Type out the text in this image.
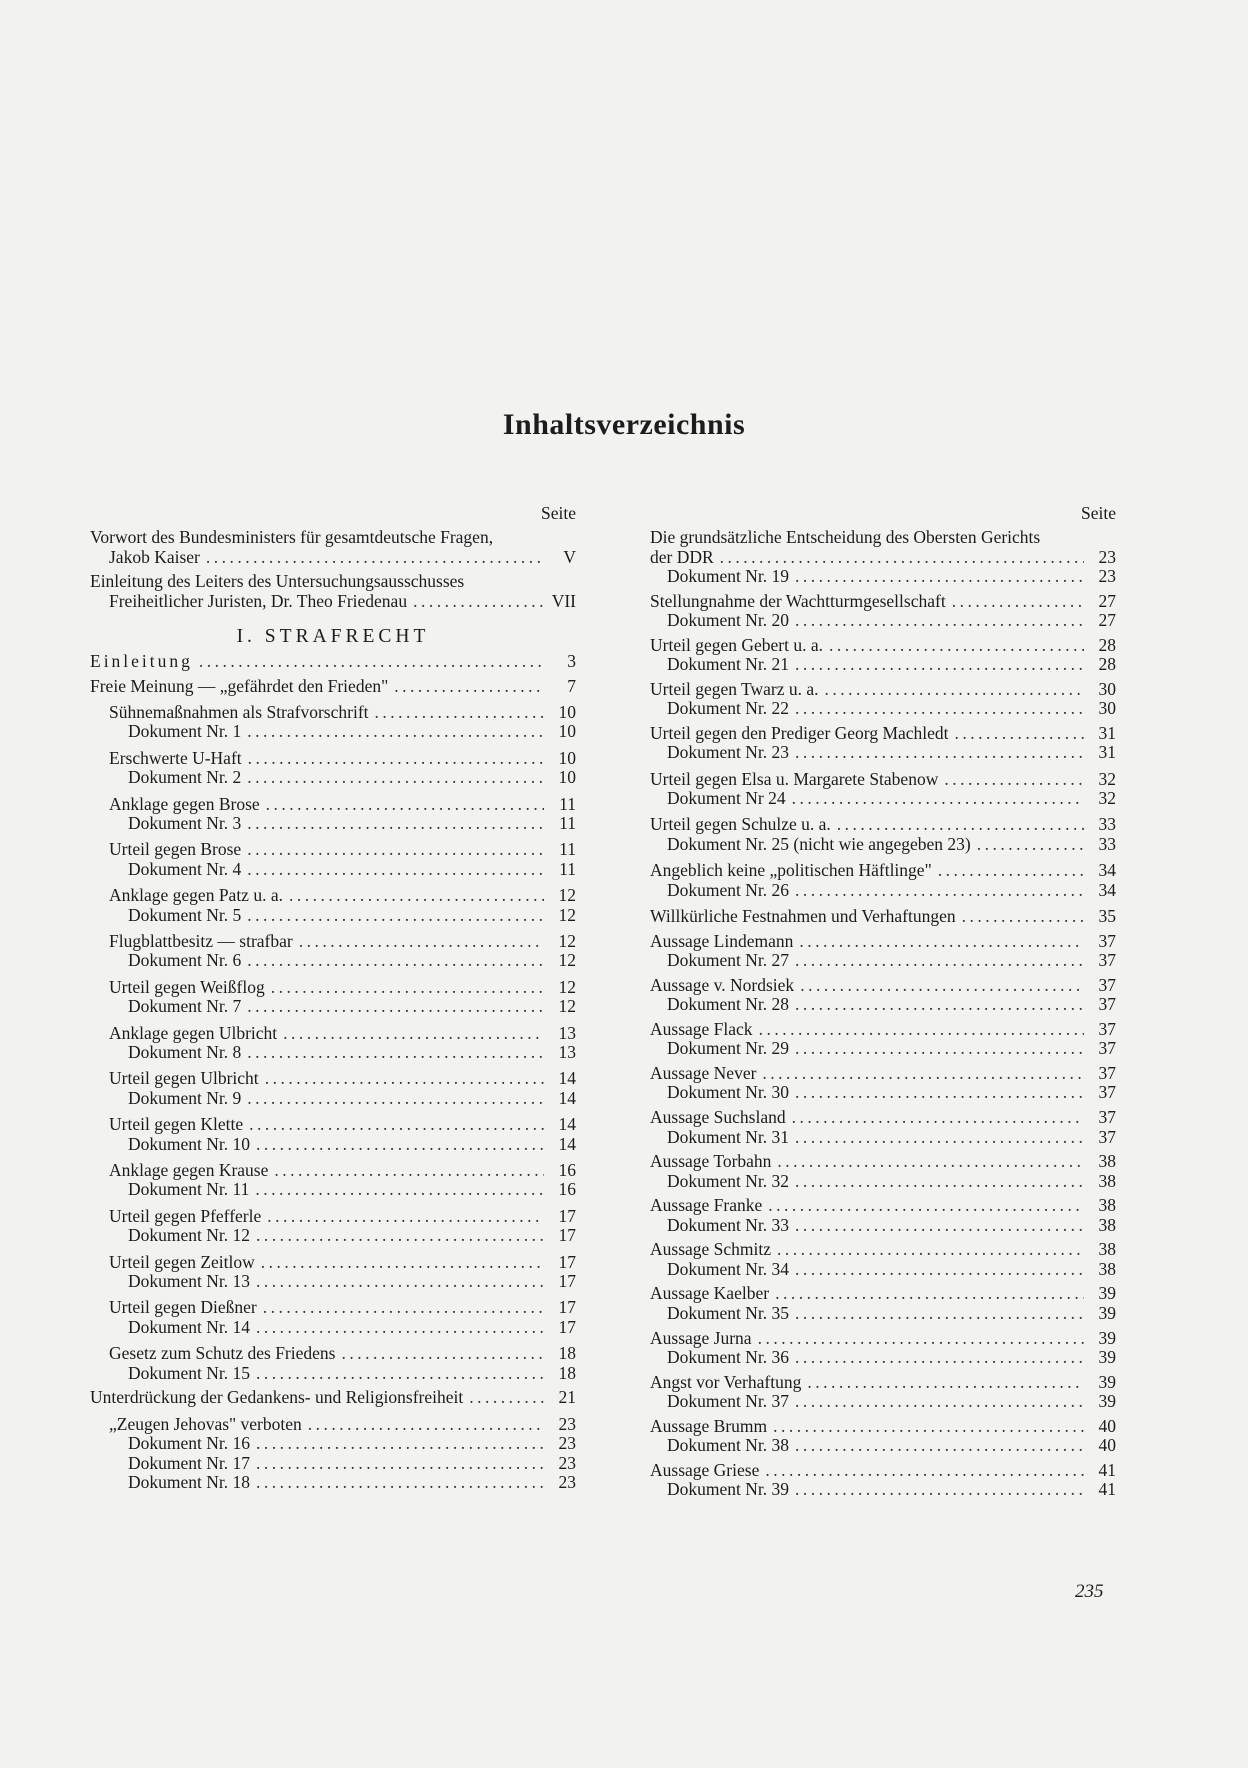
Inhaltsverzeichnis
Seite
Vorwort des Bundesministers für gesamtdeutsche Fragen,
Jakob Kaiser .....	V
Einleitung des Leiters des Untersuchungsausschusses
Freiheitlicher Juristen, Dr. Theo Friedenau .....	VII
I. STRAFRECHT
Einleitung .....	3
Freie Meinung — „gefährdet den Frieden" .....	7
Sühnemaßnahmen als Strafvorschrift .....	10
Dokument Nr. 1 .....	10
Erschwerte U-Haft .....	10
Dokument Nr. 2 .....	10
Anklage gegen Brose .....	11
Dokument Nr. 3 .....	11
Urteil gegen Brose .....	11
Dokument Nr. 4 .....	11
Anklage gegen Patz u. a. .....	12
Dokument Nr. 5 .....	12
Flugblattbesitz — strafbar .....	12
Dokument Nr. 6 .....	12
Urteil gegen Weißflog .....	12
Dokument Nr. 7 .....	12
Anklage gegen Ulbricht .....	13
Dokument Nr. 8 .....	13
Urteil gegen Ulbricht .....	14
Dokument Nr. 9 .....	14
Urteil gegen Klette .....	14
Dokument Nr. 10 .....	14
Anklage gegen Krause .....	16
Dokument Nr. 11 .....	16
Urteil gegen Pfefferle .....	17
Dokument Nr. 12 .....	17
Urteil gegen Zeitlow .....	17
Dokument Nr. 13 .....	17
Urteil gegen Dießner .....	17
Dokument Nr. 14 .....	17
Gesetz zum Schutz des Friedens .....	18
Dokument Nr. 15 .....	18
Unterdrückung der Gedankens- und Religionsfreiheit .....	21
„Zeugen Jehovas" verboten .....	23
Dokument Nr. 16 .....	23
Dokument Nr. 17 .....	23
Dokument Nr. 18 .....	23
Seite
Die grundsätzliche Entscheidung des Obersten Gerichts
der DDR .....	23
Dokument Nr. 19 .....	23
Stellungnahme der Wachtturmgesellschaft .....	27
Dokument Nr. 20 .....	27
Urteil gegen Gebert u. a. .....	28
Dokument Nr. 21 .....	28
Urteil gegen Twarz u. a. .....	30
Dokument Nr. 22 .....	30
Urteil gegen den Prediger Georg Machledt .....	31
Dokument Nr. 23 .....	31
Urteil gegen Elsa u. Margarete Stabenow .....	32
Dokument Nr 24 .....	32
Urteil gegen Schulze u. a. .....	33
Dokument Nr. 25 (nicht wie angegeben 23) .....	33
Angeblich keine „politischen Häftlinge" .....	34
Dokument Nr. 26 .....	34
Willkürliche Festnahmen und Verhaftungen .....	35
Aussage Lindemann .....	37
Dokument Nr. 27 .....	37
Aussage v. Nordsiek .....	37
Dokument Nr. 28 .....	37
Aussage Flack .....	37
Dokument Nr. 29 .....	37
Aussage Never .....	37
Dokument Nr. 30 .....	37
Aussage Suchsland .....	37
Dokument Nr. 31 .....	37
Aussage Torbahn .....	38
Dokument Nr. 32 .....	38
Aussage Franke .....	38
Dokument Nr. 33 .....	38
Aussage Schmitz .....	38
Dokument Nr. 34 .....	38
Aussage Kaelber .....	39
Dokument Nr. 35 .....	39
Aussage Jurna .....	39
Dokument Nr. 36 .....	39
Angst vor Verhaftung .....	39
Dokument Nr. 37 .....	39
Aussage Brumm .....	40
Dokument Nr. 38 .....	40
Aussage Griese .....	41
Dokument Nr. 39 .....	41
235
